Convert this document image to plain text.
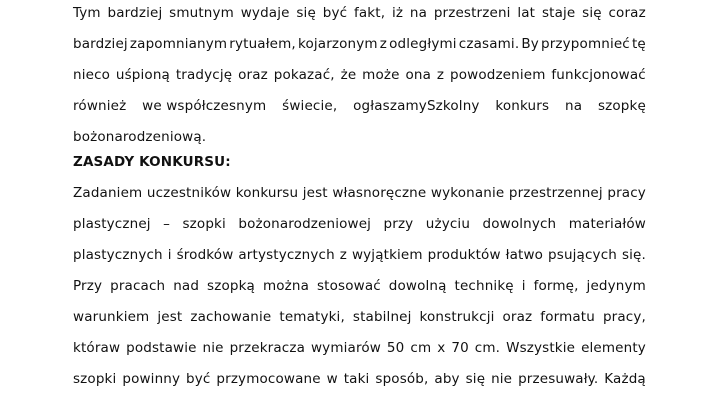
Tym bardziej smutnym wydaje się być fakt, iż na przestrzeni lat staje się coraz
bardziej zapomnianym rytuałem, kojarzonym z odległymi czasami. By przypomnieć tę
nieco uśpioną tradycję oraz pokazać, że może ona z powodzeniem funkcjonować
również we współczesnym świecie, ogłaszamySzkolny konkurs na szopkę
bożonarodzeniową.
ZASADY KONKURSU:
Zadaniem uczestników konkursu jest własnoręczne wykonanie przestrzennej pracy
plastycznej – szopki bożonarodzeniowej przy użyciu dowolnych materiałów
plastycznych i środków artystycznych z wyjątkiem produktów łatwo psujących się.
Przy pracach nad szopką można stosować dowolną technikę i formę, jedynym
warunkiem jest zachowanie tematyki, stabilnej konstrukcji oraz formatu pracy,
któraw podstawie nie przekracza wymiarów 50 cm x 70 cm. Wszystkie elementy
szopki powinny być przymocowane w taki sposób, aby się nie przesuwały. Każdą
